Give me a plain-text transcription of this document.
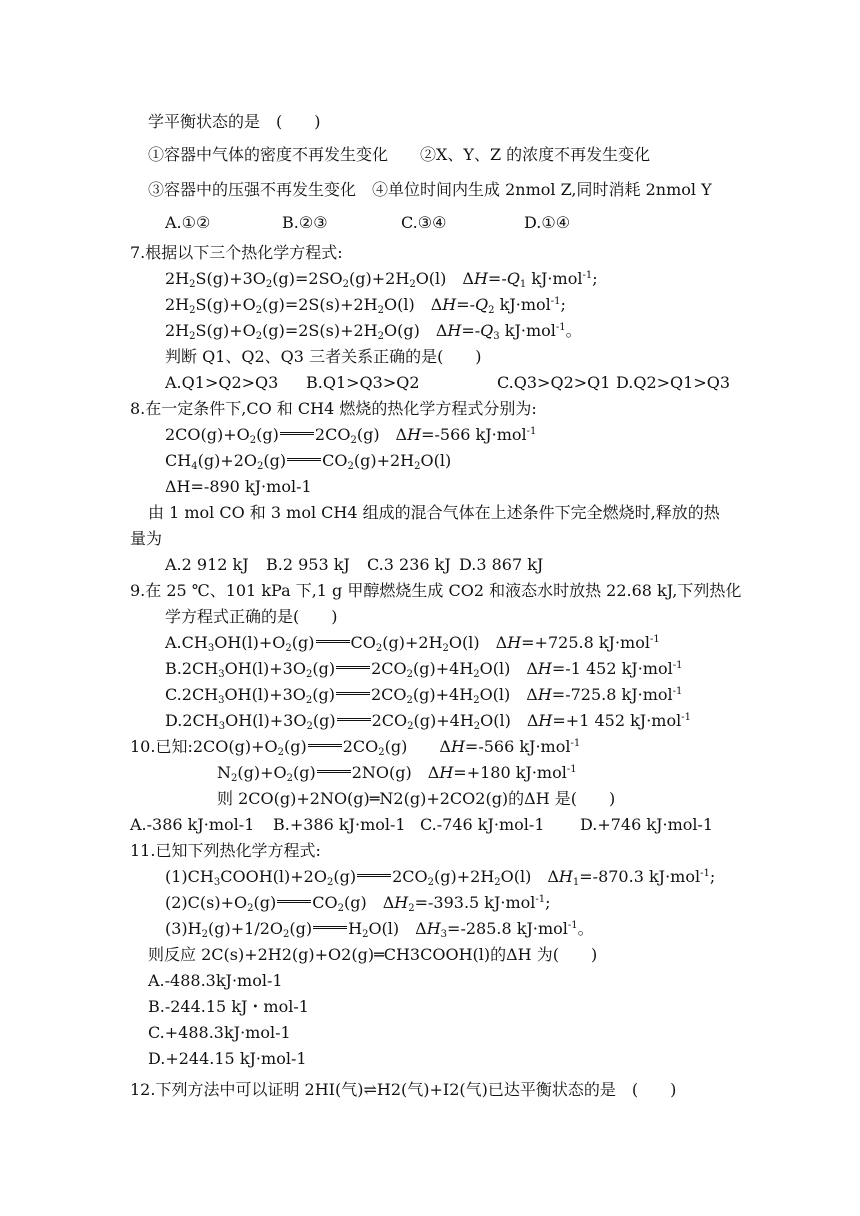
学平衡状态的是　(　　)
①容器中气体的密度不再发生变化　　②X、Y、Z 的浓度不再发生变化
③容器中的压强不再发生变化　④单位时间内生成 2nmol Z,同时消耗 2nmol Y
A.①②	B.②③	C.③④	D.①④
7.根据以下三个热化学方程式:
$2H_2S(g)+3O_2(g)=2SO_2(g)+2H_2O(l)$　$\Delta H=-Q_1$ kJ·mol$^{-1}$;
$2H_2S(g)+O_2(g)=2S(s)+2H_2O(l)$　$\Delta H=-Q_2$ kJ·mol$^{-1}$;
$2H_2S(g)+O_2(g)=2S(s)+2H_2O(g)$　$\Delta H=-Q_3$ kJ·mol$^{-1}$。
判断 Q1、Q2、Q3 三者关系正确的是(　　)
A.Q1>Q2>Q3 B.Q1>Q3>Q2	C.Q3>Q2>Q1 D.Q2>Q1>Q3
8.在一定条件下,CO 和 CH4 燃烧的热化学方程式分别为:
$2CO(g)+O_2(g)$ $2CO_2(g)$　ΔH=-566 kJ·mol$^{-1}$
$CH_4(g)+2O_2(g)$ $CO_2(g)+2H_2O(l)$
ΔH=-890 kJ·mol-1
由 1 mol CO 和 3 mol CH4 组成的混合气体在上述条件下完全燃烧时,释放的热
量为
A.2 912 kJ B.2 953 kJ C.3 236 kJ D.3 867 kJ
9.在 25 ℃、101 kPa 下,1 g 甲醇燃烧生成 CO2 和液态水时放热 22.68 kJ,下列热化
学方程式正确的是(　　)
$A.CH_3OH(l)+O_2(g)$ $CO_2(g)+2H_2O(l)$　ΔH=+725.8 kJ·mol$^{-1}$
$B.2CH_3OH(l)+3O_2(g)$ $2CO_2(g)+4H_2O(l)$　ΔH=-1 452 kJ·mol$^{-1}$
$C.2CH_3OH(l)+3O_2(g)$ $2CO_2(g)+4H_2O(l)$　ΔH=-725.8 kJ·mol$^{-1}$
$D.2CH_3OH(l)+3O_2(g)$ $2CO_2(g)+4H_2O(l)$　ΔH=+1 452 kJ·mol$^{-1}$
10.已知$:2CO(g)+O_2(g)$ $2CO_2(g)$　　ΔH=-566 kJ·mol$^{-1}$
$N_2(g)+O_2(g)$ 2NO(g)　ΔH=+180 kJ·mol$^{-1}$
则 2CO(g)+2NO(g)═N2(g)+2CO2(g)的ΔH 是(　　)
A.-386 kJ·mol-1 B.+386 kJ·mol-1 C.-746 kJ·mol-1 D.+746 kJ·mol-1
11.已知下列热化学方程式:
$(1)CH_3COOH(l)+2O_2(g)$ $2CO_2(g)+2H_2O(l)$　$\Delta H_1=-870.3$ kJ·mol$^{-1}$;
$(2)C(s)+O_2(g)$ $CO_2(g)$　$\Delta H_2=-393.5$ kJ·mol$^{-1}$;
$(3)H_2(g)+1/2O_2(g)$ $H_2O(l)$　$\Delta H_3=-285.8$ kJ·mol$^{-1}$。
则反应 2C(s)+2H2(g)+O2(g)═CH3COOH(l)的ΔH 为(　　)
A.-488.3kJ·mol-1
B.-244.15 kJ・mol-1
C.+488.3kJ·mol-1
D.+244.15 kJ·mol-1
12.下列方法中可以证明 2HI(气)⇌H2(气)+I2(气)已达平衡状态的是　(　　)
